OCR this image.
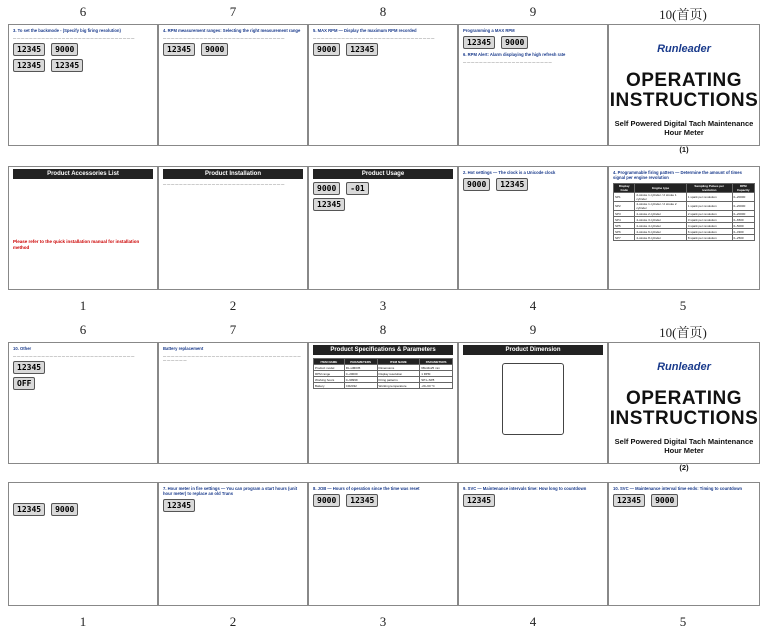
6	7	8	9	10(首页)
3. To set the backmode - (Specify big firing resolution)
— — — — — — — — — — — — — — — — — — — — — — — — — — — — — —
12345	9000
12345	12345
4. RPM measurement ranges: Selecting the right measurement range
— — — — — — — — — — — — — — — — — — — — — — — — — — — — — —
12345	9000
5. MAX RPM — Display the maximum RPM recorded
— — — — — — — — — — — — — — — — — — — — — — — — — — — — — —
9000	12345
Programming a MAX RPM
12345	9000
6. RPM Alert: Alarm displaying the high refresh rate
— — — — — — — — — — — — — — — — — — — — — —
Runleader
OPERATING INSTRUCTIONS
Self Powered Digital Tach Maintenance Hour Meter
(1)
Product Accessories List
Please refer to the quick installation manual for installation method
Product Installation
— — — — — — — — — — — — — — — — — — — — — — — — — — — — — —
Product Usage
9000	-01
12345
2. Hot settings — The clock is a Unicode clock
9000	12345
4. Programmable firing pattern — Determine the amount of times signal per engine revolution
Display Code	Engine type	Sampling Pulses per revolution	RPM Capacity
SP1	2-stroke 1 cylinder / 2 stroke 1 cylinder	1 spark per revolution	0~20000
SP2	4-stroke 1 cylinder / 2 stroke 2 cylinder	1 spark per revolution	0~20000
SP3	4-stroke 2 cylinder	2 spark per revolution	0~20000
SP4	4-stroke 3 cylinder	3 spark per revolution	0~6500
SP5	4-stroke 4 cylinder	4 spark per revolution	0~5000
SP6	4-stroke 6 cylinder	6 spark per revolution	0~3300
SP7	4-stroke 8 cylinder	8 spark per revolution	0~2500
1	2	3	4	5
6	7	8	9	10(首页)
10. Other
— — — — — — — — — — — — — — — — — — — — — — — — — — — — — —
12345
OFF
Battery replacement
— — — — — — — — — — — — — — — — — — — — — — — — — — — — — — — — — — — — — — — —
Product Specifications & Parameters
ITEM NAME	PARAMETERS	ITEM NAME	PARAMETERS
Product model	RL-HM035	Dimensions	68x44x25 mm
RPM range	0~20000	Display resolution	1 RPM
Working hours	0~99999	Firing patterns	SP1~SP8
Battery	CR2032	Working temperature	-20~60 °C
Product Dimension
Runleader
OPERATING INSTRUCTIONS
Self Powered Digital Tach Maintenance Hour Meter
(2)
12345	9000
7. Hour meter in fire settings — You can program a start hours (unit hour meter) to replace an old Trans
12345
8. JOB — Hours of operation since the time was reset
9000	12345
9. SVC — Maintenance intervals time: How long to countdown
12345
10. SVC — Maintenance interval time ends: Timing to countdown
12345	9000
1	2	3	4	5
